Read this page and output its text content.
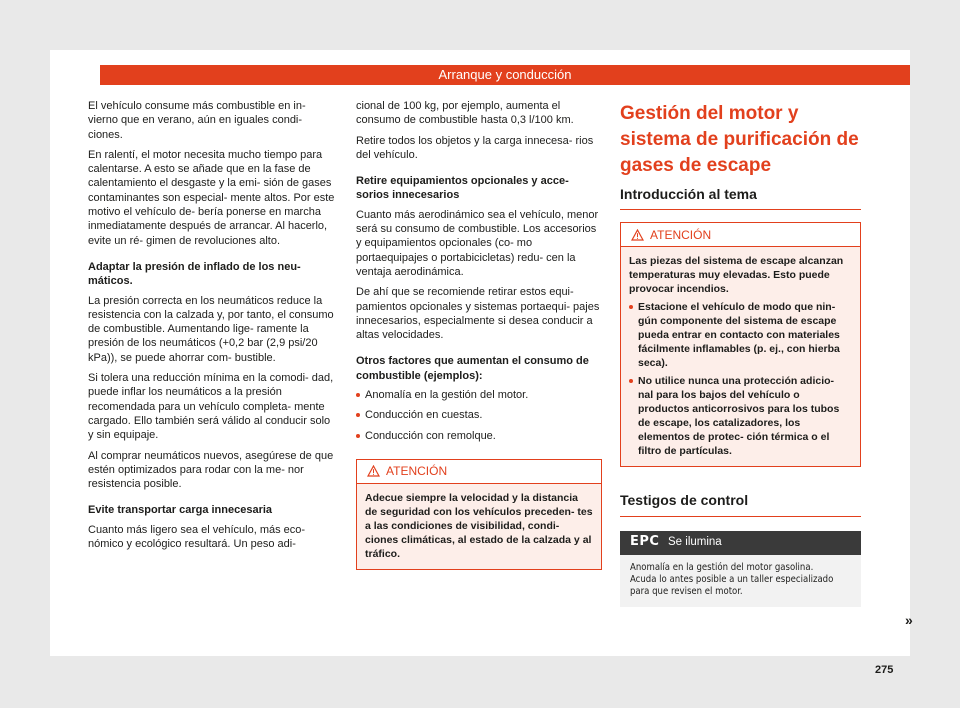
Arranque y conducción

El vehículo consume más combustible en in- vierno que en verano, aún en iguales condi- ciones.

En ralentí, el motor necesita mucho tiempo para calentarse. A esto se añade que en la fase de calentamiento el desgaste y la emi- sión de gases contaminantes son especial- mente altos. Por este motivo el vehículo de- bería ponerse en marcha inmediatamente después de arrancar. Al hacerlo, evite un ré- gimen de revoluciones alto.

Adaptar la presión de inflado de los neu- máticos.

La presión correcta en los neumáticos reduce la resistencia con la calzada y, por tanto, el consumo de combustible. Aumentando lige- ramente la presión de los neumáticos (+0,2 bar (2,9 psi/20 kPa)), se puede ahorrar com- bustible.

Si tolera una reducción mínima en la comodi- dad, puede inflar los neumáticos a la presión recomendada para un vehículo completa- mente cargado. Ello también será válido al conducir solo y sin equipaje.

Al comprar neumáticos nuevos, asegúrese de que estén optimizados para rodar con la me- nor resistencia posible.

Evite transportar carga innecesaria

Cuanto más ligero sea el vehículo, más eco- nómico y ecológico resultará. Un peso adi-

cional de 100 kg, por ejemplo, aumenta el consumo de combustible hasta 0,3 l/100 km.

Retire todos los objetos y la carga innecesa- rios del vehículo.

Retire equipamientos opcionales y acce- sorios innecesarios

Cuanto más aerodinámico sea el vehículo, menor será su consumo de combustible. Los accesorios y equipamientos opcionales (co- mo portaequipajes o portabicicletas) redu- cen la ventaja aerodinámica.

De ahí que se recomiende retirar estos equi- pamientos opcionales y sistemas portaequi- pajes innecesarios, especialmente si desea conducir a altas velocidades.

Otros factores que aumentan el consumo de combustible (ejemplos):
Anomalía en la gestión del motor.
Conducción en cuestas.
Conducción con remolque.
ATENCIÓN

Adecue siempre la velocidad y la distancia de seguridad con los vehículos preceden- tes a las condiciones de visibilidad, condi- ciones climáticas, al estado de la calzada y al tráfico.

Gestión del motor y sistema de purificación de gases de escape
Introducción al tema
ATENCIÓN

Las piezas del sistema de escape alcanzan temperaturas muy elevadas. Esto puede provocar incendios.

Estacione el vehículo de modo que nin- gún componente del sistema de escape pueda entrar en contacto con materiales fácilmente inflamables (p. ej., con hierba seca).
No utilice nunca una protección adicio- nal para los bajos del vehículo o productos anticorrosivos para los tubos de escape, los catalizadores, los elementos de protec- ción térmica o el filtro de partículas.
Testigos de control
EPC Se ilumina
Anomalía en la gestión del motor gasolina.
Acuda lo antes posible a un taller especializado para que revisen el motor.
»
275
